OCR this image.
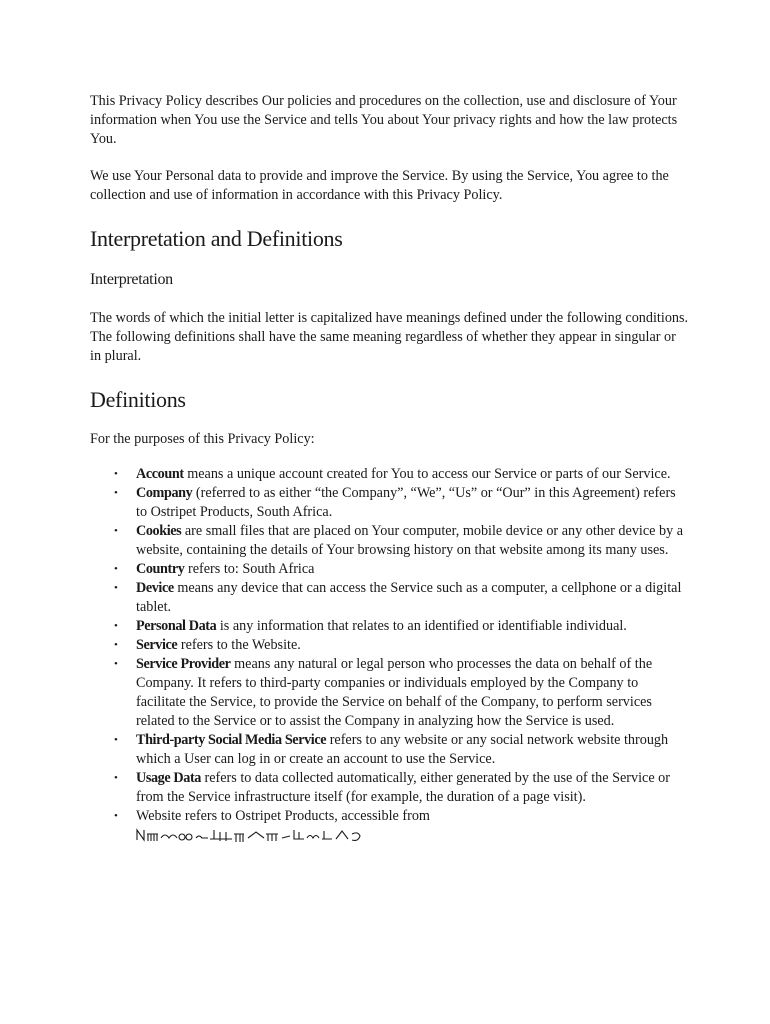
This Privacy Policy describes Our policies and procedures on the collection, use and disclosure of Your information when You use the Service and tells You about Your privacy rights and how the law protects You.

We use Your Personal data to provide and improve the Service. By using the Service, You agree to the collection and use of information in accordance with this Privacy Policy.

Interpretation and Definitions
Interpretation

The words of which the initial letter is capitalized have meanings defined under the following conditions. The following definitions shall have the same meaning regardless of whether they appear in singular or in plural.

Definitions

For the purposes of this Privacy Policy:

• Account means a unique account created for You to access our Service or parts of our Service.
• Company (referred to as either “the Company”, “We”, “Us” or “Our” in this Agreement) refers to Ostripet Products, South Africa.
• Cookies are small files that are placed on Your computer, mobile device or any other device by a website, containing the details of Your browsing history on that website among its many uses.
• Country refers to: South Africa
• Device means any device that can access the Service such as a computer, a cellphone or a digital tablet.
• Personal Data is any information that relates to an identified or identifiable individual.
• Service refers to the Website.
• Service Provider means any natural or legal person who processes the data on behalf of the Company. It refers to third-party companies or individuals employed by the Company to facilitate the Service, to provide the Service on behalf of the Company, to perform services related to the Service or to assist the Company in analyzing how the Service is used.
• Third-party Social Media Service refers to any website or any social network website through which a User can log in or create an account to use the Service.
• Usage Data refers to data collected automatically, either generated by the use of the Service or from the Service infrastructure itself (for example, the duration of a page visit).
• Website refers to Ostripet Products, accessible from
